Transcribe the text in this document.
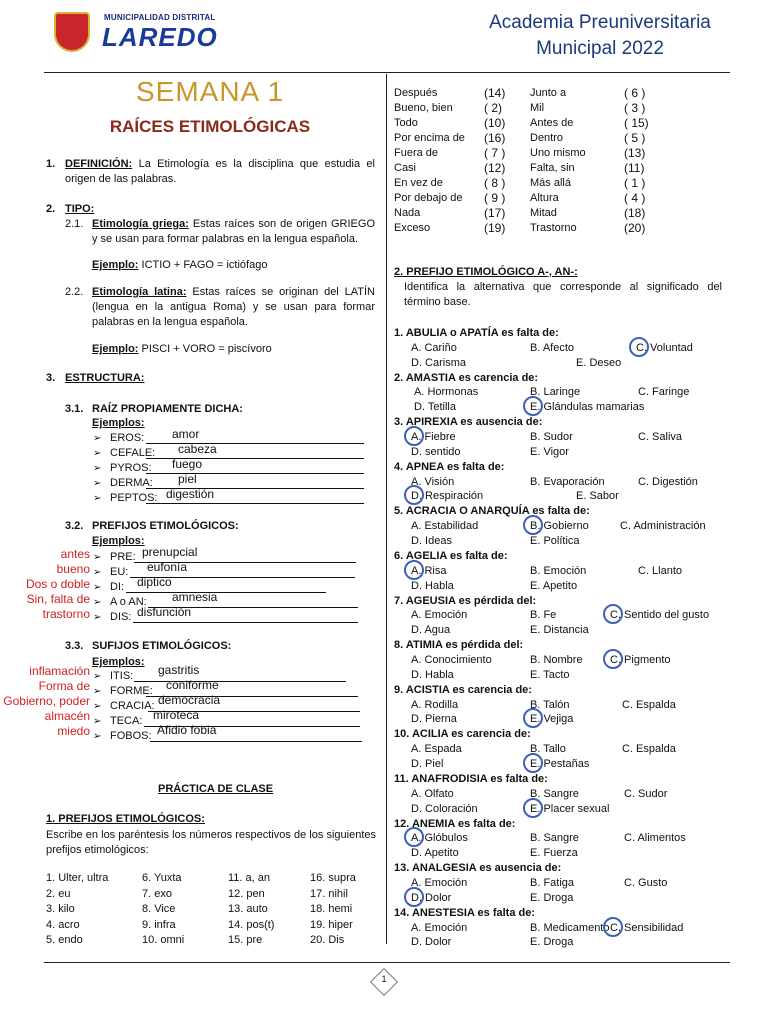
MUNICIPALIDAD DISTRITAL
LAREDO	Academia Preuniversitaria
Municipal 2022
SEMANA 1
RAÍCES ETIMOLÓGICAS
1. DEFINICIÓN: La Etimología es la disciplina que estudia el origen de las palabras.
2. TIPO:
2.1. Etimología griega: Estas raíces son de origen GRIEGO y se usan para formar palabras en la lengua española.
Ejemplo: ICTIO + FAGO = ictiófago
2.2. Etimología latina: Estas raíces se originan del LATÍN (lengua en la antigua Roma) y se usan para formar palabras en la lengua española.
Ejemplo: PISCI + VORO = piscívoro
3. ESTRUCTURA:
3.1. RAÍZ PROPIAMENTE DICHA:
Ejemplos:
3.2. PREFIJOS ETIMOLÓGICOS:
Ejemplos:
3.3. SUFIJOS ETIMOLÓGICOS:
Ejemplos:
PRÁCTICA DE CLASE
1. PREFIJOS ETIMOLÓGICOS:
Escribe en los paréntesis los números respectivos de los siguientes prefijos etimológicos:
2. PREFIJO ETIMOLÓGICO A-, AN-:
Identifica la alternativa que corresponde al significado del término base.
1
➢ EROS: amor
➢ CEFALE: cabeza
➢ PYROS: fuego
➢ DERMA: piel
➢ PEPTOS: digestión
antes ➢ PRE: prenupcial
bueno ➢ EU: eufonía
Dos o doble ➢ DI: diptico
Sin, falta de ➢ A o AN: amnesia
trastorno ➢ DIS: disfunción
inflamación ➢ ITIS: gastritis
Forma de ➢ FORME: coniforme
Gobierno, poder ➢ CRACIA: democracia
almacén ➢ TECA: miroteca
miedo ➢ FOBOS: Afidio fobia
1. Ulter, ultra	6. Yuxta	11. a, an	16. supra
2. eu	7. exo	12. pen	17. nihil
3. kilo	8. Vice	13. auto	18. hemi
4. acro	9. infra	14. pos(t)	19. hiper
5. endo	10. omni	15. pre	20. Dis
Después	(14) Junto a	( 6 )
Bueno, bien	( 2)	Mil	( 3 )
Todo	(10) Antes de	( 15)
Por encima de (16) Dentro	( 5 )
Fuera de	( 7 ) Uno mismo	(13)
Casi	(12) Falta, sin	(11)
En vez de	( 8 ) Más allá	( 1 )
Por debajo de ( 9 ) Altura	( 4 )
Nada	(17) Mitad	(18)
Exceso	(19) Trastorno	(20)
1. ABULIA o APATÍA es falta de:
A. Cariño	B. Afecto	C. Voluntad
D. Carisma	E. Deseo
2. AMASTIA es carencia de:
A. Hormonas	B. Laringe	C. Faringe
D. Tetilla	E. Glándulas mamarias
3. APIREXIA es ausencia de:
A. Fiebre	B. Sudor	C. Saliva
D. sentido	E. Vigor
4. APNEA es falta de:
A. Visión	B. Evaporación	C. Digestión
D. Respiración	E. Sabor
5. ACRACIA O ANARQUÍA es falta de:
A. Estabilidad	B. Gobierno	C. Administración
D. Ideas	E. Política
6. AGELIA es falta de:
A. Risa	B. Emoción	C. Llanto
D. Habla	E. Apetito
7. AGEUSIA es pérdida del:
A. Emoción	B. Fe	C. Sentido del gusto
D. Agua	E. Distancia
8. ATIMIA es pérdida del:
A. Conocimiento	B. Nombre C. Pigmento
D. Habla	E. Tacto
9. ACISTIA es carencia de:
A. Rodilla	B. Talón	C. Espalda
D. Pierna	E. Vejiga
10. ACILIA es carencia de:
A. Espada	B. Tallo	C. Espalda
D. Piel	E. Pestañas
11. ANAFRODISIA es falta de:
A. Olfato	B. Sangre	C. Sudor
D. Coloración	E. Placer sexual
12. ANEMIA es falta de:
A. Glóbulos	B. Sangre	C. Alimentos
D. Apetito	E. Fuerza
13. ANALGESIA es ausencia de:
A. Emoción	B. Fatiga	C. Gusto
D. Dolor	E. Droga
14. ANESTESIA es falta de:
A. Emoción	B. Medicamento C. Sensibilidad
D. Dolor	E. Droga
